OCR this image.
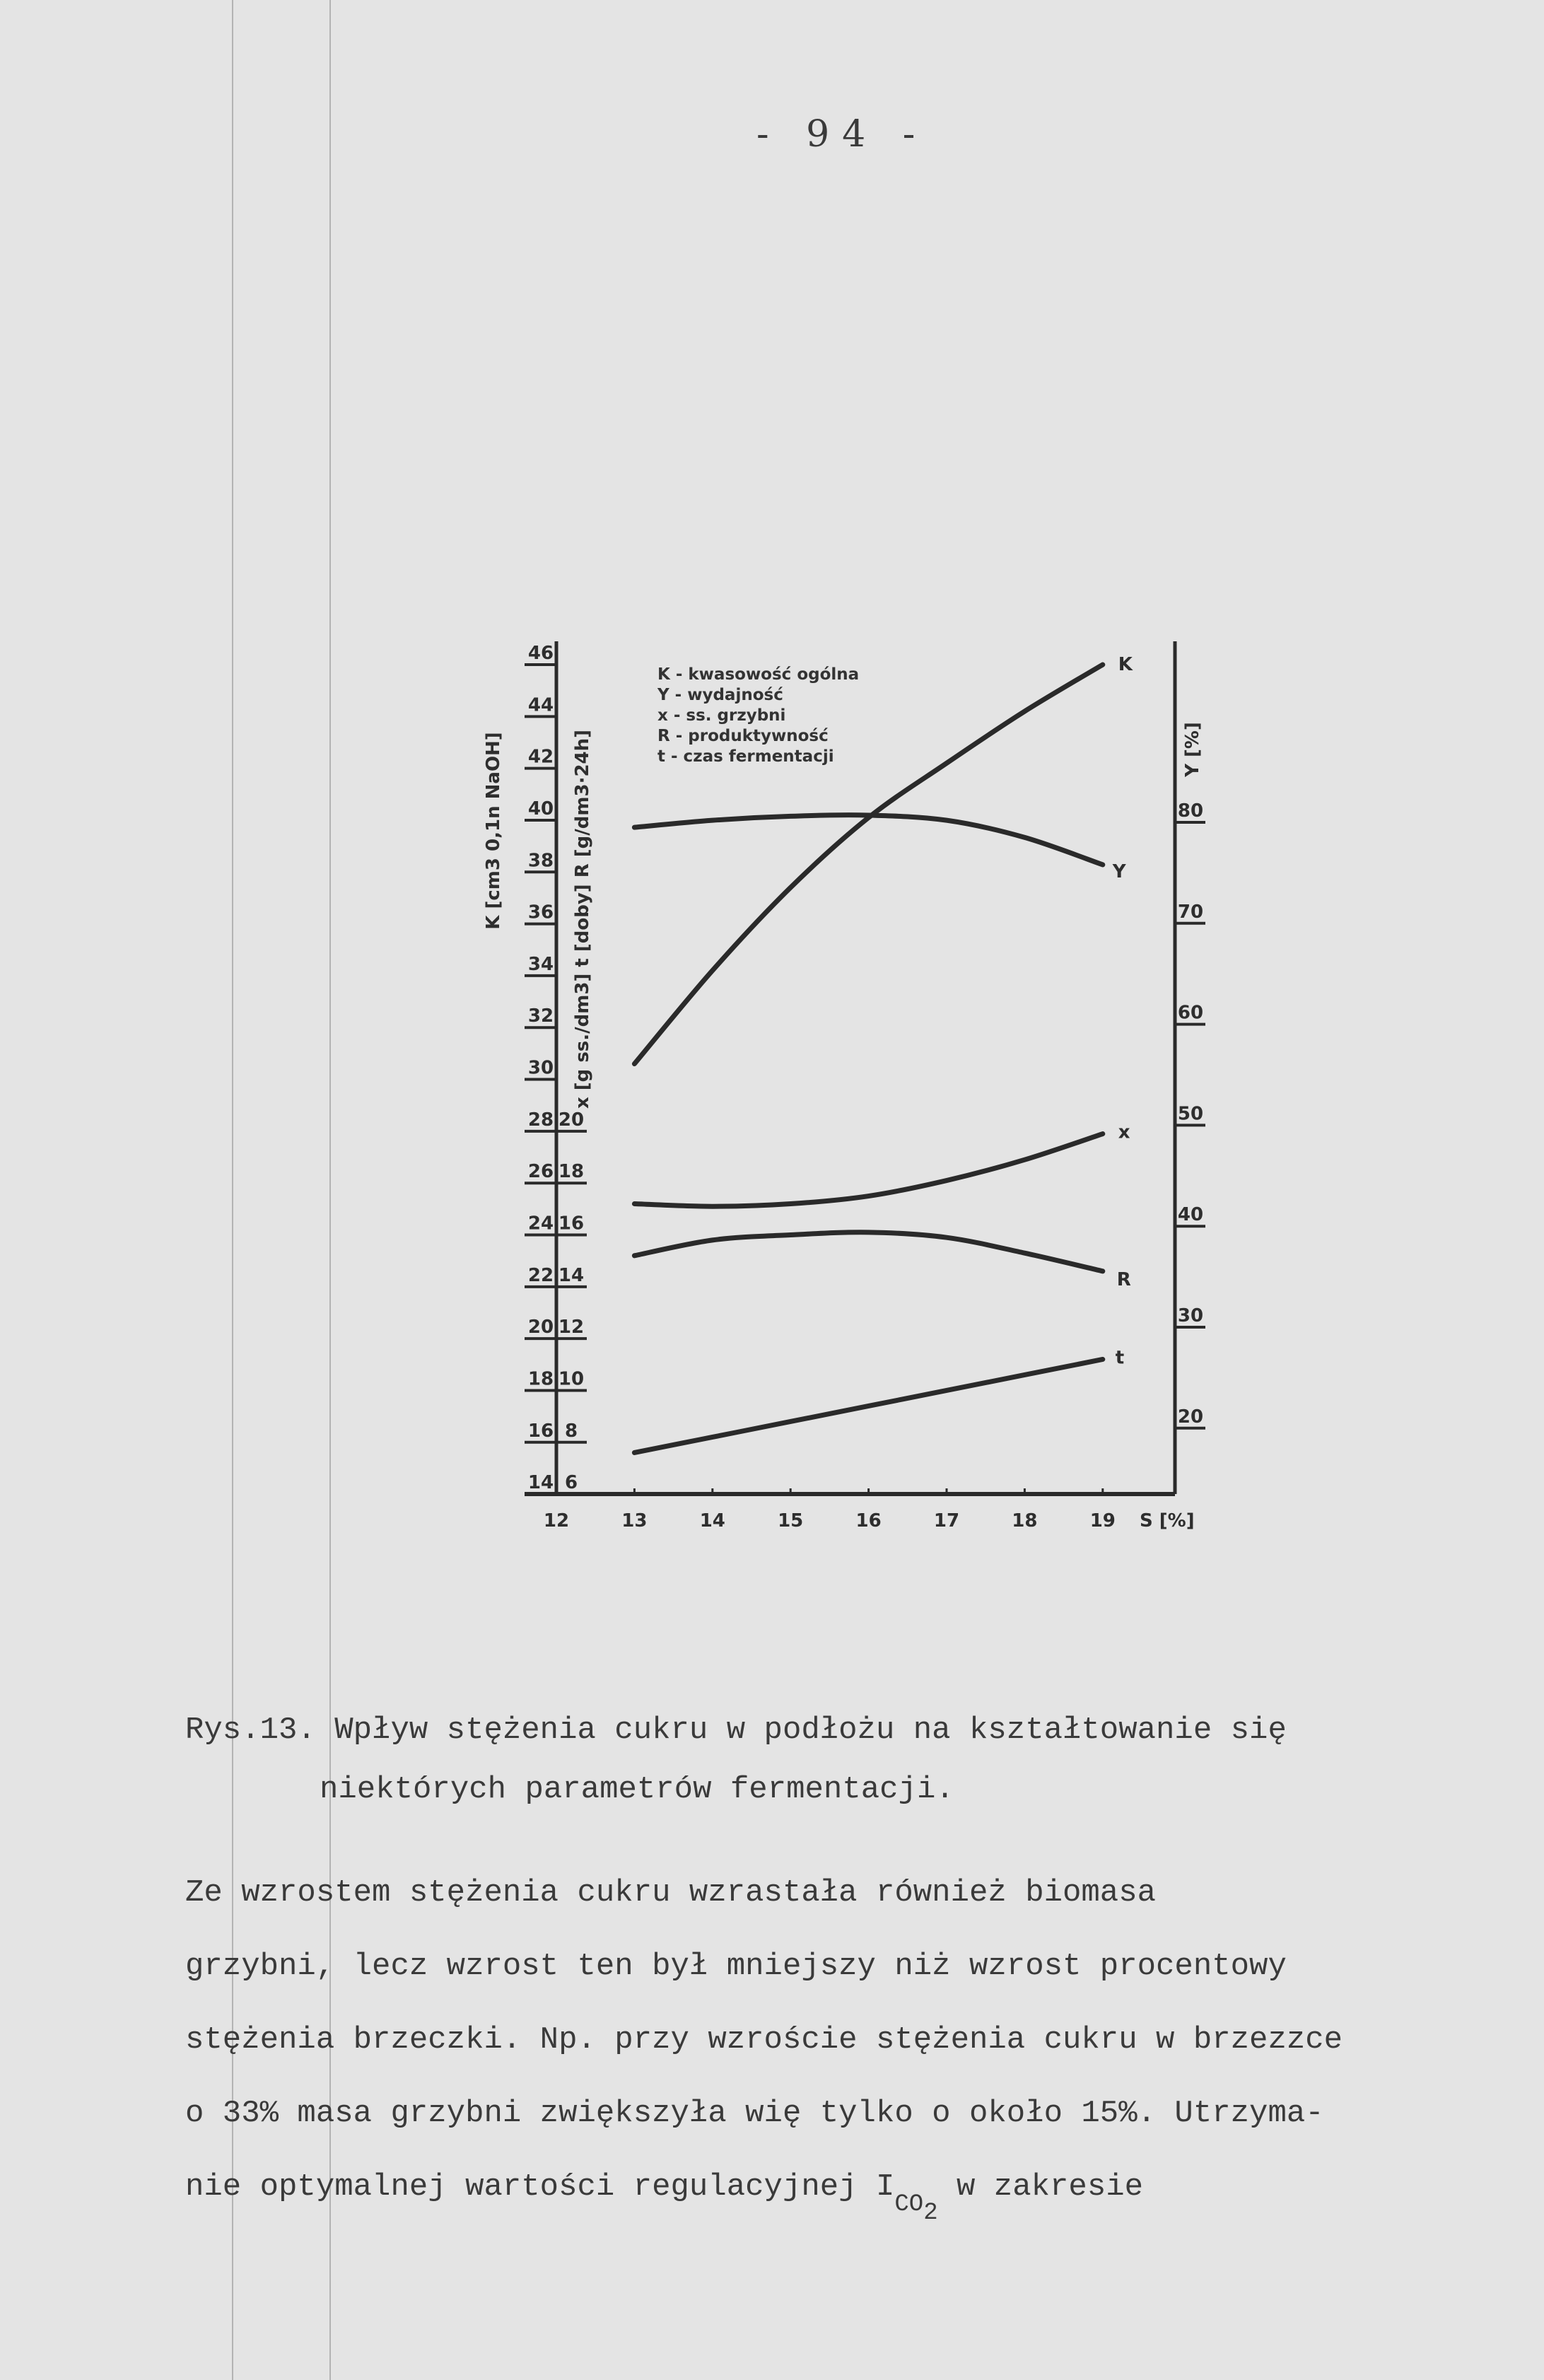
- 94 -
14
16
18
20
22
24
26
28
30
32
34
36
38
40
42
44
46
6
8
10
12
14
16
18
20
20
30
40
50
60
70
80
12	13	14	15	16	17	18	19 S [%]
K [cm3 0,1n NaOH]	x [g ss./dm3] t [doby] R [g/dm3·24h]	Y [%]
K
Y
x
R
t
K - kwasowość ogólna
Y - wydajność
x - ss. grzybni
R - produktywność
t - czas fermentacji
Rys.13. Wpływ stężenia cukru w podłożu na kształtowanie się
niektórych parametrów fermentacji.
Ze wzrostem stężenia cukru wzrastała również biomasa
grzybni, lecz wzrost ten był mniejszy niż wzrost procentowy
stężenia brzeczki. Np. przy wzroście stężenia cukru w brzezzce
o 33% masa grzybni zwiększyła wię tylko o około 15%. Utrzyma-
nie optymalnej wartości regulacyjnej $I_{CO2}$ w zakresie
